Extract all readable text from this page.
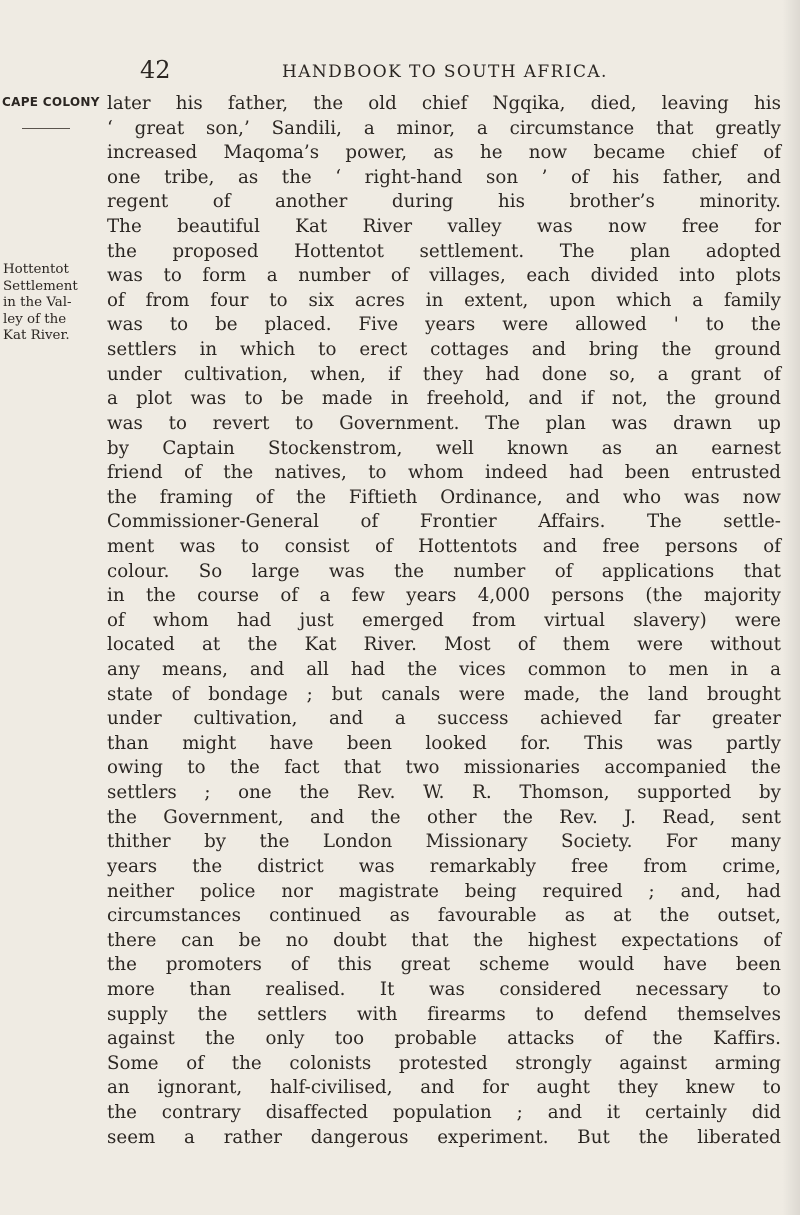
42	HANDBOOK TO SOUTH AFRICA.
CAPE COLONY
Hottentot
Settlement
in the Val-
ley of the
Kat River.
later his father, the old chief Ngqika, died, leaving his
‘ great son,’ Sandili, a minor, a circumstance that greatly
increased Maqoma’s power, as he now became chief of
one tribe, as the ‘ right-hand son ’ of his father, and
regent of another during his brother’s minority.
The beautiful Kat River valley was now free for
the proposed Hottentot settlement. The plan adopted
was to form a number of villages, each divided into plots
of from four to six acres in extent, upon which a family
was to be placed. Five years were allowed ' to the
settlers in which to erect cottages and bring the ground
under cultivation, when, if they had done so, a grant of
a plot was to be made in freehold, and if not, the ground
was to revert to Government. The plan was drawn up
by Captain Stockenstrom, well known as an earnest
friend of the natives, to whom indeed had been entrusted
the framing of the Fiftieth Ordinance, and who was now
Commissioner-General of Frontier Affairs. The settle-
ment was to consist of Hottentots and free persons of
colour. So large was the number of applications that
in the course of a few years 4,000 persons (the majority
of whom had just emerged from virtual slavery) were
located at the Kat River. Most of them were without
any means, and all had the vices common to men in a
state of bondage ; but canals were made, the land brought
under cultivation, and a success achieved far greater
than might have been looked for. This was partly
owing to the fact that two missionaries accompanied the
settlers ; one the Rev. W. R. Thomson, supported by
the Government, and the other the Rev. J. Read, sent
thither by the London Missionary Society. For many
years the district was remarkably free from crime,
neither police nor magistrate being required ; and, had
circumstances continued as favourable as at the outset,
there can be no doubt that the highest expectations of
the promoters of this great scheme would have been
more than realised. It was considered necessary to
supply the settlers with firearms to defend themselves
against the only too probable attacks of the Kaffirs.
Some of the colonists protested strongly against arming
an ignorant, half-civilised, and for aught they knew to
the contrary disaffected population ; and it certainly did
seem a rather dangerous experiment. But the liberated
